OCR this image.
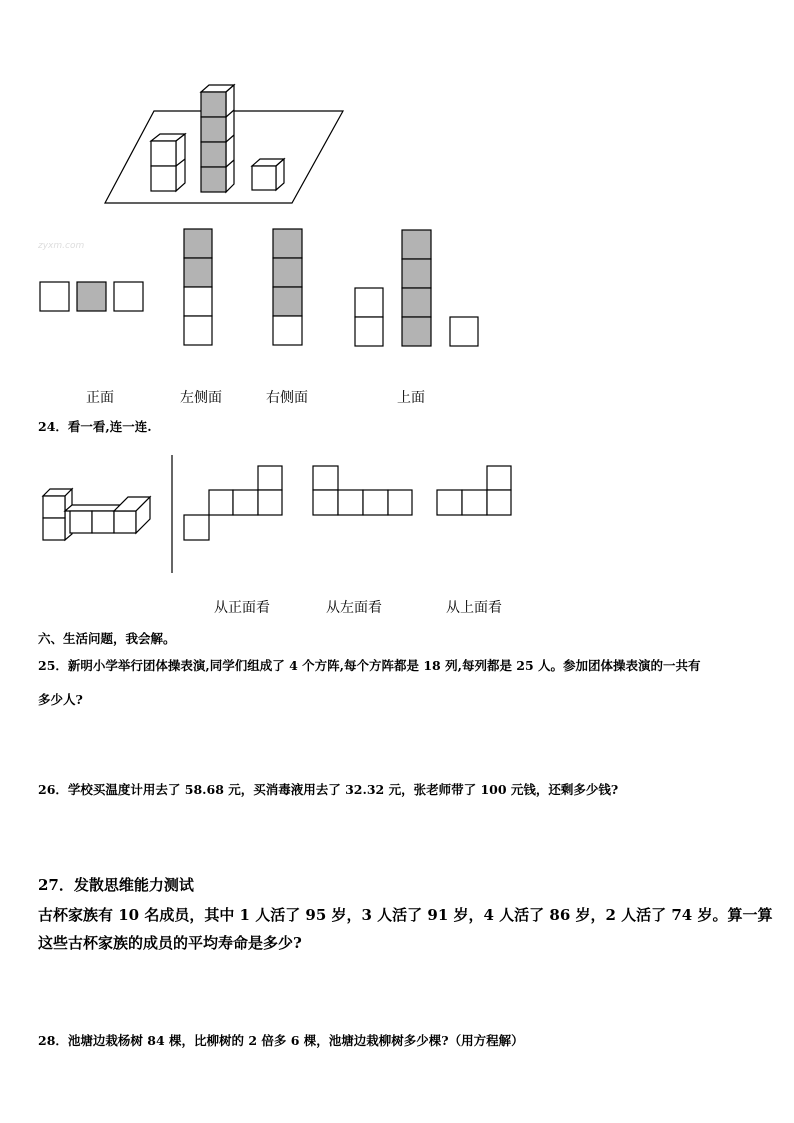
zyxm.com
正面	左侧面	右侧面	上面
24．看一看,连一连.
从正面看	从左面看	从上面看
六、生活问题，我会解。
25．新明小学举行团体操表演,同学们组成了 4 个方阵,每个方阵都是 18 列,每列都是 25 人。参加团体操表演的一共有
多少人?
26．学校买温度计用去了 58.68 元，买消毒液用去了 32.32 元，张老师带了 100 元钱，还剩多少钱?
27．发散思维能力测试
古杯家族有 10 名成员，其中 1 人活了 95 岁，3 人活了 91 岁，4 人活了 86 岁，2 人活了 74 岁。算一算
这些古杯家族的成员的平均寿命是多少?
28．池塘边栽杨树 84 棵，比柳树的 2 倍多 6 棵，池塘边栽柳树多少棵?（用方程解）
